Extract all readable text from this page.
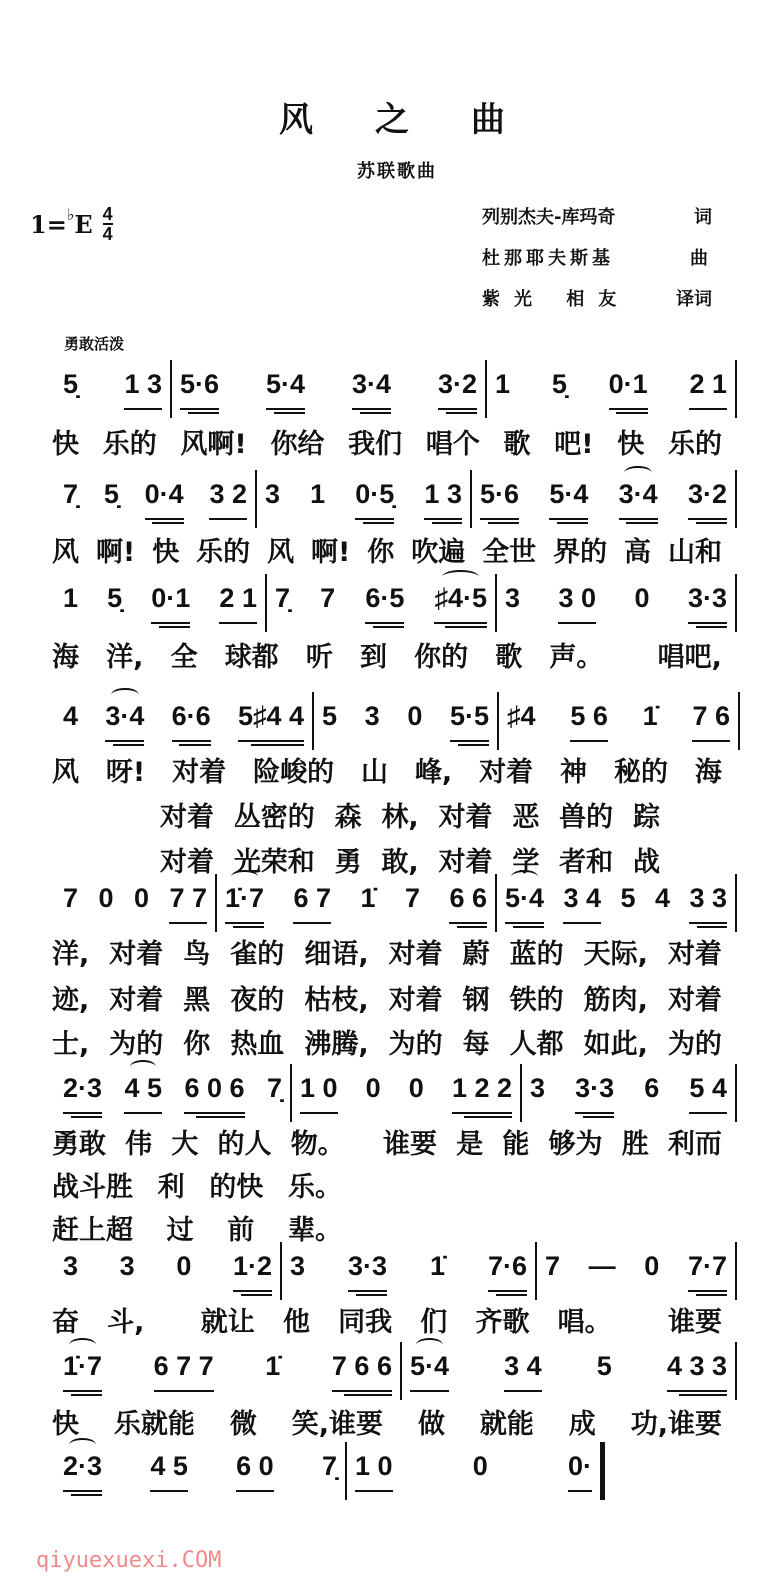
风之曲
苏联歌曲
1= ♭ E $\frac{4}{4}$	列别杰夫-库玛奇	词
杜那耶夫斯基	曲
紫光 相友	译词
勇敢活泼
5̣ 1 3 5·6 5·4 3·4 3·2 1 5̣ 0·1 2 1
快 乐的 风啊! 你给 我们 唱个 歌 吧! 快 乐的
7̣ 5̣ 0·4 3 2 3 1 0·5̣ 1 3 5·6 5·4 3·4 3·2
风 啊! 快 乐的 风 啊! 你 吹遍 全世 界的 高 山和
1 5̣ 0·1 2 1 7̣ 7 6·5 ♯4·5 3 3 0 0 3·3
海 洋, 全 球都 听 到 你的 歌 声。 唱吧,
4 3·4 6·6 5♯4 4 5 3 0 5·5 ♯4 5 6 1̇ 7 6
风 呀! 对着 险峻的 山 峰, 对着 神 秘的 海
对着 丛密的 森 林, 对着 恶 兽的 踪
对着 光荣和 勇 敢, 对着 学 者和 战
7 0 0 7 7 1̇·7 6 7 1̇ 7 6 6 5·4 3 4 5 4 3 3
洋, 对着 鸟 雀的 细语, 对着 蔚 蓝的 天际, 对着
迹, 对着 黑 夜的 枯枝, 对着 钢 铁的 筋肉, 对着
士, 为的 你 热血 沸腾, 为的 每 人都 如此, 为的
2·3 4 5 6 0 6 7̣ 1 0 0 0 1 2 2 3 3·3 6 5 4
勇敢 伟 大 的人 物。 谁要 是 能 够为 胜 利而
战斗胜 利 的快 乐。
赶上超 过 前 辈。
3 3 0 1·2 3 3·3 1̇ 7·6 7 — 0 7·7
奋 斗, 就让 他 同我 们 齐歌 唱。 谁要
1̇·7 6 7 7 1̇ 7 6 6 5·4 3 4 5 4 3 3
快 乐就能 微 笑,谁要 做 就能 成 功,谁要
2·3 4 5 6 0 7̣ 1 0	0	0·
qiyuexuexi.COM
